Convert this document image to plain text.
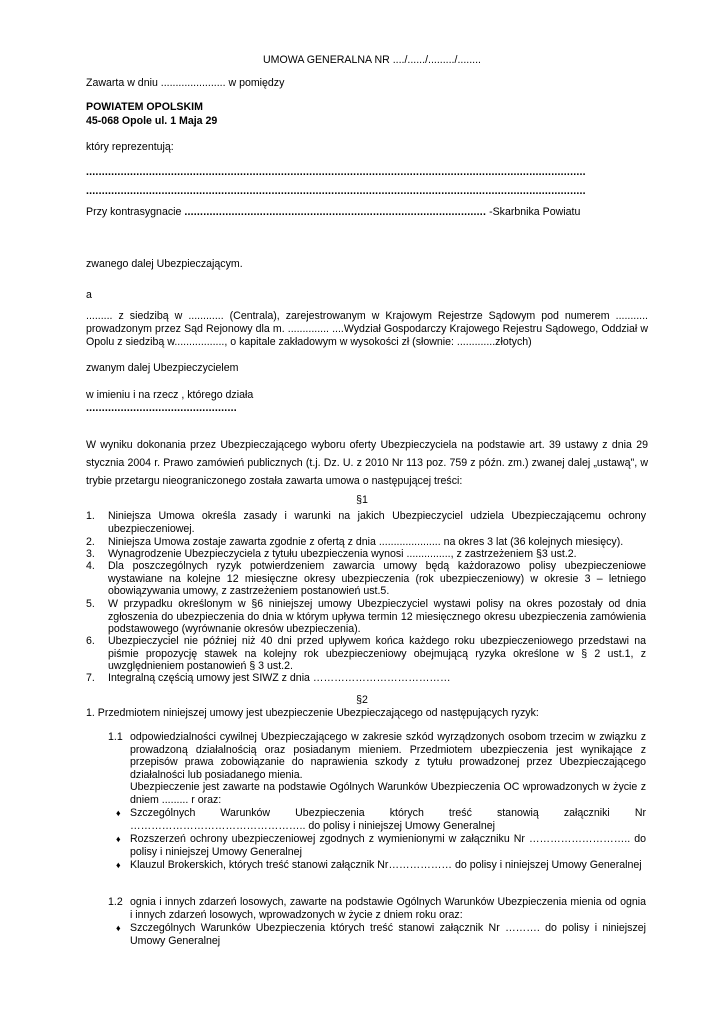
UMOWA GENERALNA NR ..../....../........./........
Zawarta w dniu ...................... w pomiędzy
POWIATEM OPOLSKIM
45-068 Opole ul. 1 Maja 29
który reprezentują:
...............................................................................................................................................................
...............................................................................................................................................................
Przy kontrasygnacie ................................................................................................ -Skarbnika Powiatu
zwanego dalej Ubezpieczającym.
a
......... z siedzibą w ............ (Centrala), zarejestrowanym w Krajowym Rejestrze Sądowym pod numerem ........... prowadzonym przez Sąd Rejonowy dla m. .............. ....Wydział Gospodarczy Krajowego Rejestru Sądowego, Oddział w Opolu z siedzibą w................., o kapitale zakładowym w wysokości zł (słownie: .............złotych)
zwanym dalej Ubezpieczycielem
w imieniu i na rzecz , którego działa
................................................
W wyniku dokonania przez Ubezpieczającego wyboru oferty Ubezpieczyciela na podstawie art. 39 ustawy z dnia 29 stycznia 2004 r. Prawo zamówień publicznych (t.j. Dz. U. z 2010 Nr 113 poz. 759 z późn. zm.) zwanej dalej „ustawą", w trybie przetargu nieograniczonego została zawarta umowa o następującej treści:
§1
1. Niniejsza Umowa określa zasady i warunki na jakich Ubezpieczyciel udziela Ubezpieczającemu ochrony ubezpieczeniowej.
2. Niniejsza Umowa zostaje zawarta zgodnie z ofertą z dnia ..................... na okres 3 lat (36 kolejnych miesięcy).
3. Wynagrodzenie Ubezpieczyciela z tytułu ubezpieczenia wynosi ..............., z zastrzeżeniem §3 ust.2.
4. Dla poszczególnych ryzyk potwierdzeniem zawarcia umowy będą każdorazowo polisy ubezpieczeniowe wystawiane na kolejne 12 miesięczne okresy ubezpieczenia (rok ubezpieczeniowy) w okresie 3 – letniego obowiązywania umowy, z zastrzeżeniem postanowień ust.5.
5. W przypadku określonym w §6 niniejszej umowy Ubezpieczyciel wystawi polisy na okres pozostały od dnia zgłoszenia do ubezpieczenia do dnia w którym upływa termin 12 miesięcznego okresu ubezpieczenia zamówienia podstawowego (wyrównanie okresów ubezpieczenia).
6. Ubezpieczyciel nie później niż 40 dni przed upływem końca każdego roku ubezpieczeniowego przedstawi na piśmie propozycję stawek na kolejny rok ubezpieczeniowy obejmującą ryzyka określone w § 2 ust.1, z uwzględnieniem postanowień § 3 ust.2.
7. Integralną częścią umowy jest SIWZ z dnia …………………………………
§2
1. Przedmiotem niniejszej umowy jest ubezpieczenie Ubezpieczającego od następujących ryzyk:
1.1 odpowiedzialności cywilnej Ubezpieczającego w zakresie szkód wyrządzonych osobom trzecim w związku z prowadzoną działalnością oraz posiadanym mieniem. Przedmiotem ubezpieczenia jest wynikające z przepisów prawa zobowiązanie do naprawienia szkody z tytułu prowadzonej przez Ubezpieczającego działalności lub posiadanego mienia.
Ubezpieczenie jest zawarte na podstawie Ogólnych Warunków Ubezpieczenia OC wprowadzonych w życie z dniem ......... r oraz:
♦ Szczególnych Warunków Ubezpieczenia których treść stanowią załączniki Nr ………………………………………….. do polisy i niniejszej Umowy Generalnej
♦ Rozszerzeń ochrony ubezpieczeniowej zgodnych z wymienionymi w załączniku Nr ……………………….. do polisy i niniejszej Umowy Generalnej
♦ Klauzul Brokerskich, których treść stanowi załącznik Nr……………… do polisy i niniejszej Umowy Generalnej
1.2 ognia i innych zdarzeń losowych, zawarte na podstawie Ogólnych Warunków Ubezpieczenia mienia od ognia i innych zdarzeń losowych, wprowadzonych w życie z dniem roku oraz:
♦ Szczególnych Warunków Ubezpieczenia których treść stanowi załącznik Nr ………. do polisy i niniejszej Umowy Generalnej
